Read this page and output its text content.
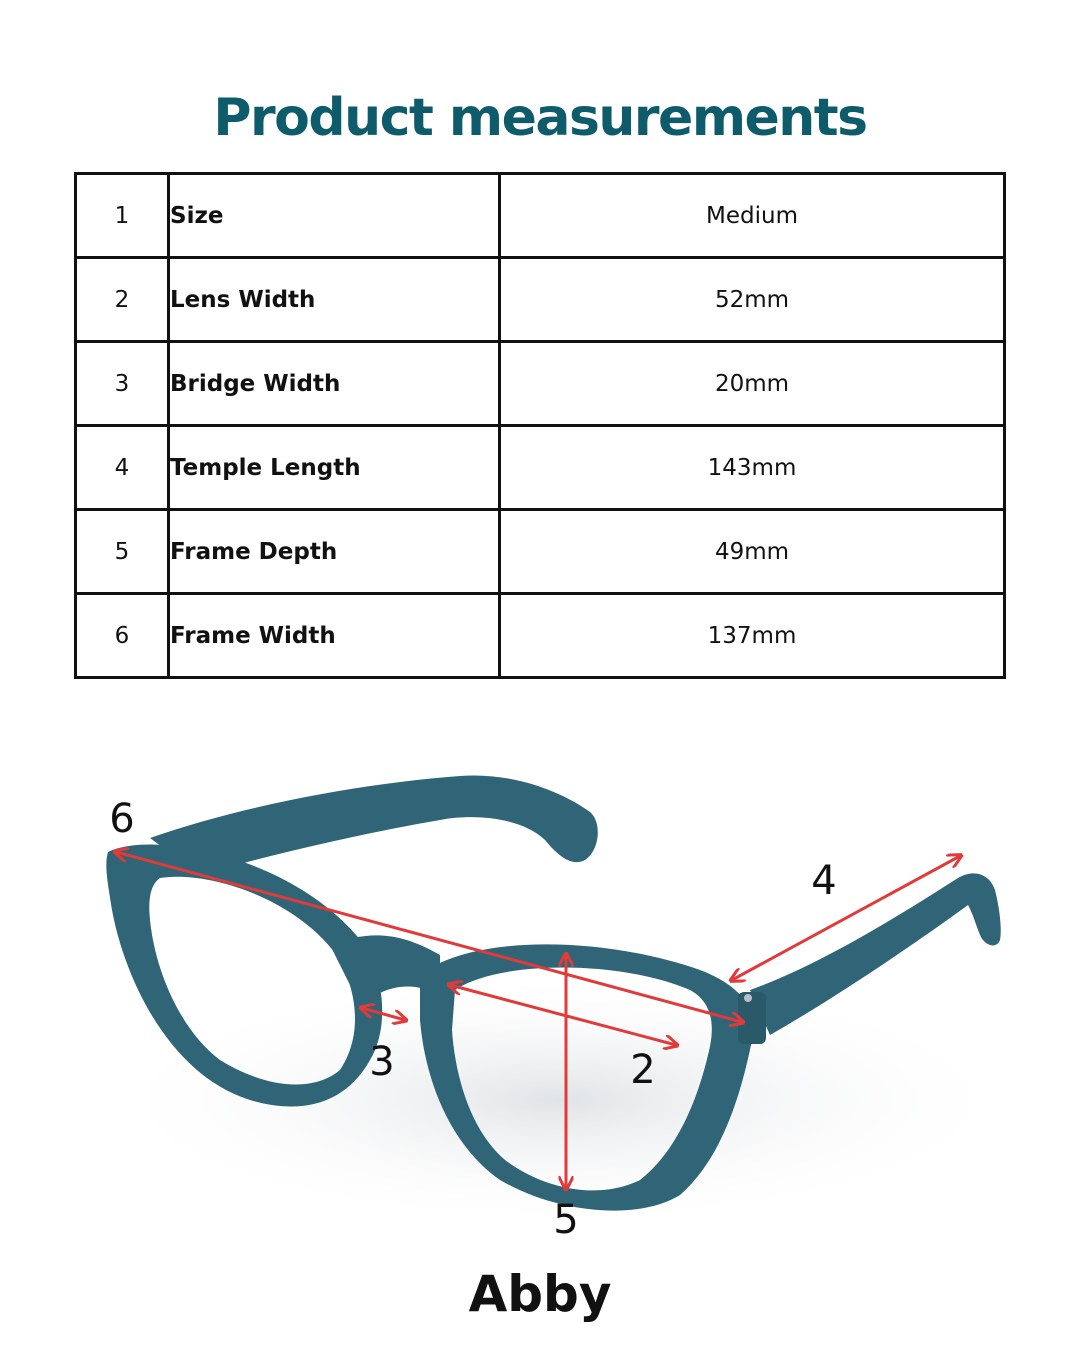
Product measurements
1	Size	Medium
2	Lens Width	52mm
3	Bridge Width	20mm
4	Temple Length	143mm
5	Frame Depth	49mm
6	Frame Width	137mm
6
4
3	2
5
Abby
